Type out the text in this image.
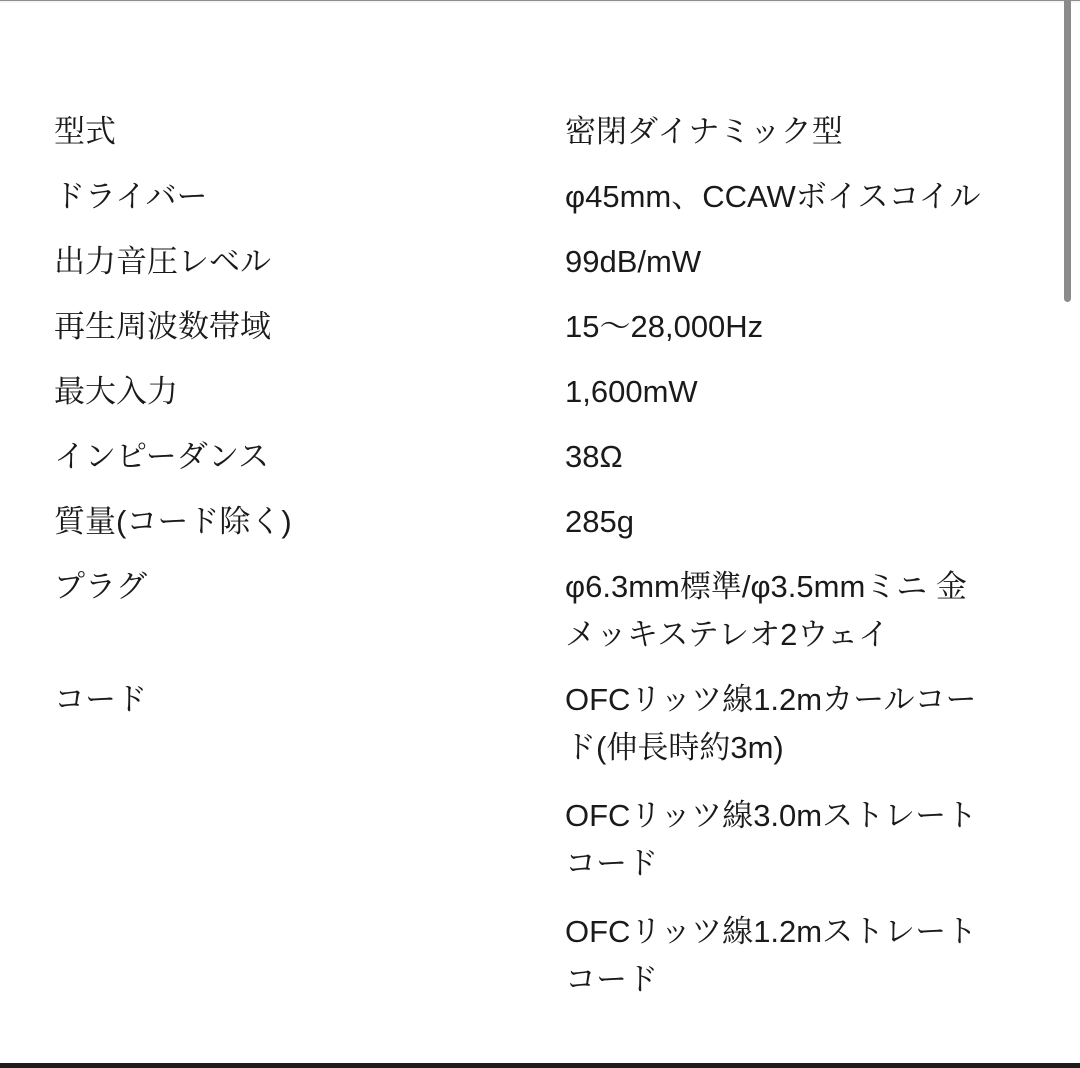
型式	密閉ダイナミック型
ドライバー	φ45mm、CCAWボイスコイル
出力音圧レベル	99dB/mW
再生周波数帯域	15〜28,000Hz
最大入力	1,600mW
インピーダンス	38Ω
質量(コード除く)	285g
プラグ	φ6.3mm標準/φ3.5mmミニ 金メッキステレオ2ウェイ
コード	OFCリッツ線1.2mカールコード(伸長時約3m)

OFCリッツ線3.0mストレートコード

OFCリッツ線1.2mストレートコード
